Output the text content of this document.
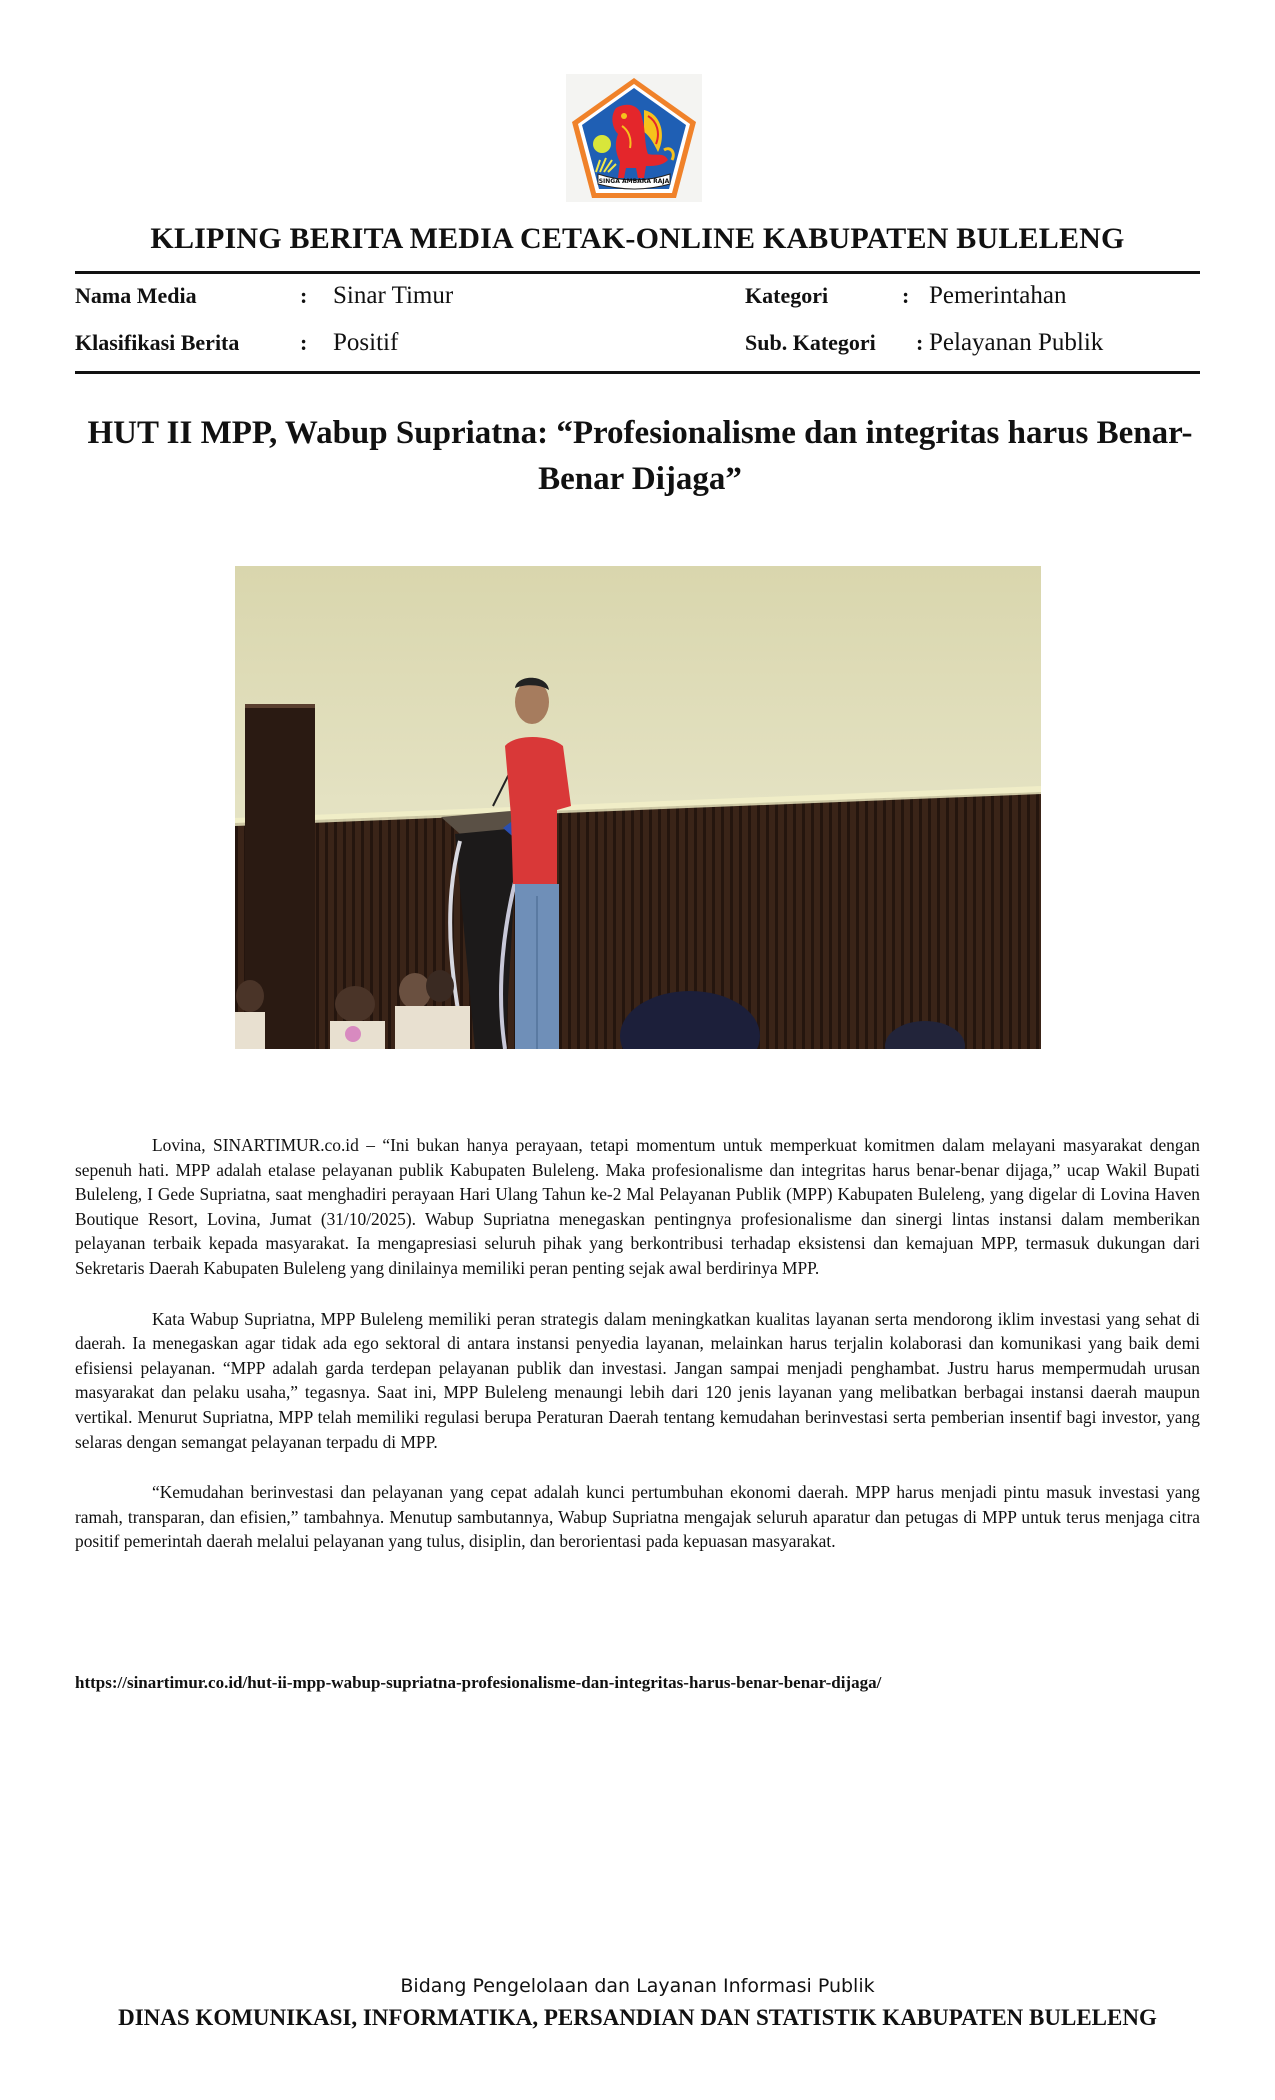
SINGA AMBARA RAJA
KLIPING BERITA MEDIA CETAK-ONLINE KABUPATEN BULELENG
Nama Media	: Sinar Timur	Kategori	: Pemerintahan
Klasifikasi Berita	: Positif	Sub. Kategori : Pelayanan Publik
HUT II MPP, Wabup Supriatna: “Profesionalisme dan integritas harus Benar-Benar Dijaga”

Lovina, SINARTIMUR.co.id – “Ini bukan hanya perayaan, tetapi momentum untuk memperkuat komitmen dalam melayani masyarakat dengan sepenuh hati. MPP adalah etalase pelayanan publik Kabupaten Buleleng. Maka profesionalisme dan integritas harus benar-benar dijaga,” ucap Wakil Bupati Buleleng, I Gede Supriatna, saat menghadiri perayaan Hari Ulang Tahun ke-2 Mal Pelayanan Publik (MPP) Kabupaten Buleleng, yang digelar di Lovina Haven Boutique Resort, Lovina, Jumat (31/10/2025). Wabup Supriatna menegaskan pentingnya profesionalisme dan sinergi lintas instansi dalam memberikan pelayanan terbaik kepada masyarakat. Ia mengapresiasi seluruh pihak yang berkontribusi terhadap eksistensi dan kemajuan MPP, termasuk dukungan dari Sekretaris Daerah Kabupaten Buleleng yang dinilainya memiliki peran penting sejak awal berdirinya MPP.

Kata Wabup Supriatna, MPP Buleleng memiliki peran strategis dalam meningkatkan kualitas layanan serta mendorong iklim investasi yang sehat di daerah. Ia menegaskan agar tidak ada ego sektoral di antara instansi penyedia layanan, melainkan harus terjalin kolaborasi dan komunikasi yang baik demi efisiensi pelayanan. “MPP adalah garda terdepan pelayanan publik dan investasi. Jangan sampai menjadi penghambat. Justru harus mempermudah urusan masyarakat dan pelaku usaha,” tegasnya. Saat ini, MPP Buleleng menaungi lebih dari 120 jenis layanan yang melibatkan berbagai instansi daerah maupun vertikal. Menurut Supriatna, MPP telah memiliki regulasi berupa Peraturan Daerah tentang kemudahan berinvestasi serta pemberian insentif bagi investor, yang selaras dengan semangat pelayanan terpadu di MPP.

“Kemudahan berinvestasi dan pelayanan yang cepat adalah kunci pertumbuhan ekonomi daerah. MPP harus menjadi pintu masuk investasi yang ramah, transparan, dan efisien,” tambahnya. Menutup sambutannya, Wabup Supriatna mengajak seluruh aparatur dan petugas di MPP untuk terus menjaga citra positif pemerintah daerah melalui pelayanan yang tulus, disiplin, dan berorientasi pada kepuasan masyarakat.

https://sinartimur.co.id/hut-ii-mpp-wabup-supriatna-profesionalisme-dan-integritas-harus-benar-benar-dijaga/
Bidang Pengelolaan dan Layanan Informasi Publik
DINAS KOMUNIKASI, INFORMATIKA, PERSANDIAN DAN STATISTIK KABUPATEN BULELENG
